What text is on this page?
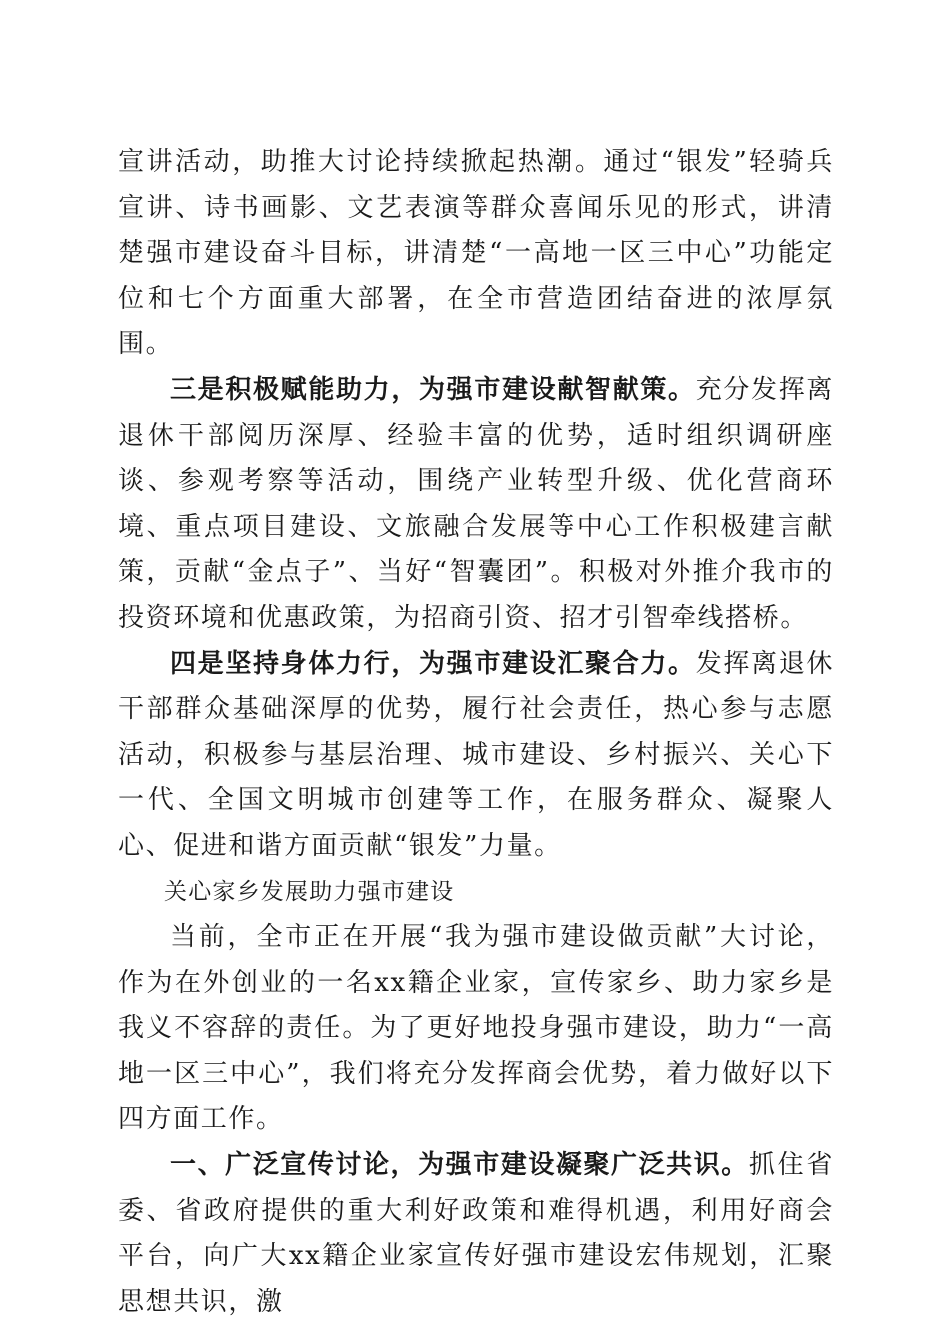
宣讲活动，助推大讨论持续掀起热潮。通过“银发”轻骑兵宣讲、诗书画影、文艺表演等群众喜闻乐见的形式，讲清楚强市建设奋斗目标，讲清楚“一高地一区三中心”功能定位和七个方面重大部署，在全市营造团结奋进的浓厚氛围。

三是积极赋能助力，为强市建设献智献策。充分发挥离退休干部阅历深厚、经验丰富的优势，适时组织调研座谈、参观考察等活动，围绕产业转型升级、优化营商环境、重点项目建设、文旅融合发展等中心工作积极建言献策，贡献“金点子”、当好“智囊团”。积极对外推介我市的投资环境和优惠政策，为招商引资、招才引智牵线搭桥。

四是坚持身体力行，为强市建设汇聚合力。发挥离退休干部群众基础深厚的优势，履行社会责任，热心参与志愿活动，积极参与基层治理、城市建设、乡村振兴、关心下一代、全国文明城市创建等工作，在服务群众、凝聚人心、促进和谐方面贡献“银发”力量。

关心家乡发展助力强市建设

当前，全市正在开展“我为强市建设做贡献”大讨论，作为在外创业的一名xx籍企业家，宣传家乡、助力家乡是我义不容辞的责任。为了更好地投身强市建设，助力“一高地一区三中心”，我们将充分发挥商会优势，着力做好以下四方面工作。

一、广泛宣传讨论，为强市建设凝聚广泛共识。抓住省委、省政府提供的重大利好政策和难得机遇，利用好商会平台，向广大xx籍企业家宣传好强市建设宏伟规划，汇聚思想共识，激
